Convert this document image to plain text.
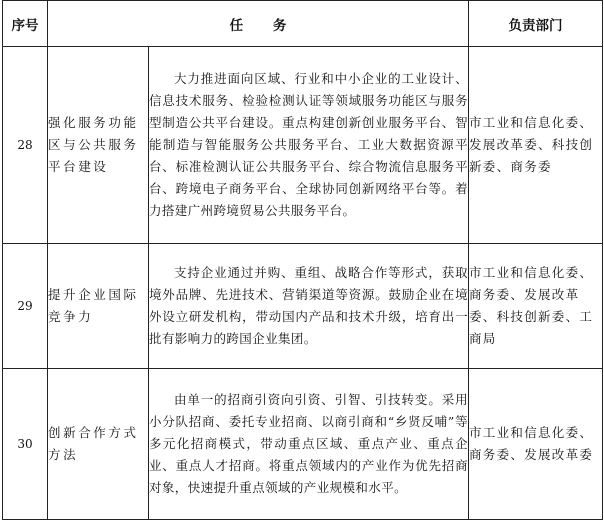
序号	任务		负责部门
28	强化服务功能区与公共服务平台建设	大力推进面向区域、行业和中小企业的工业设计、信息技术服务、检验检测认证等领域服务功能区与服务型制造公共平台建设。重点构建创新创业服务平台、智能制造与智能服务公共服务平台、工业大数据资源平台、标准检测认证公共服务平台、综合物流信息服务平台、跨境电子商务平台、全球协同创新网络平台等。着力搭建广州跨境贸易公共服务平台。	市工业和信息化委、发展改革委、科技创新委、商务委
29	提升企业国际竞争力	支持企业通过并购、重组、战略合作等形式，获取境外品牌、先进技术、营销渠道等资源。鼓励企业在境外设立研发机构，带动国内产品和技术升级，培育出一批有影响力的跨国企业集团。	市工业和信息化委、商务委、发展改革委、科技创新委、工商局
30	创新合作方式方法	由单一的招商引资向引资、引智、引技转变。采用小分队招商、委托专业招商、以商引商和“乡贤反哺”等多元化招商模式，带动重点区域、重点产业、重点企业、重点人才招商。将重点领域内的产业作为优先招商对象，快速提升重点领域的产业规模和水平。	市工业和信息化委、商务委、发展改革委
